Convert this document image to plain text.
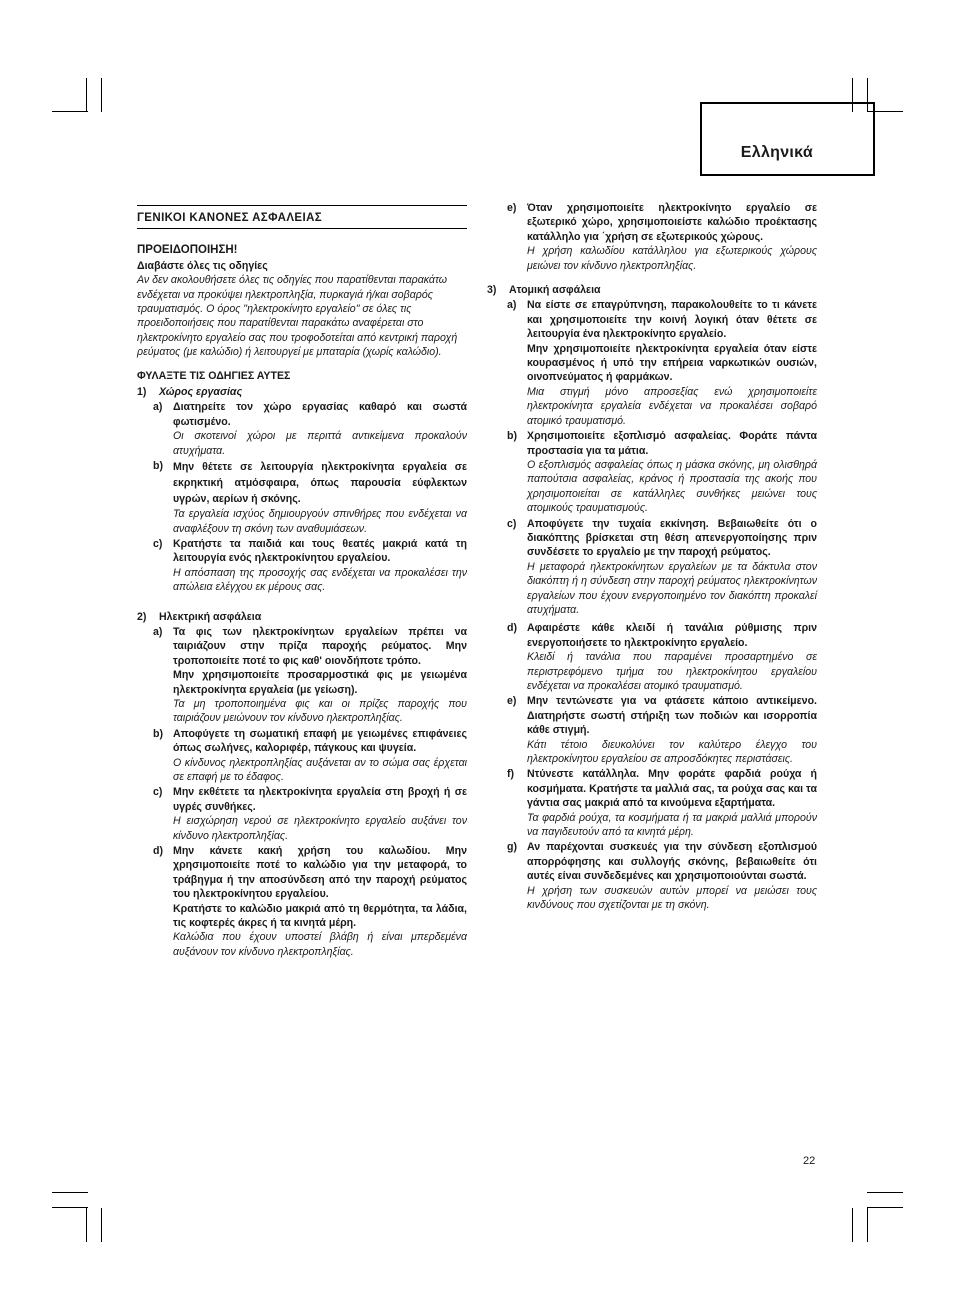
Ελληνικά
ΓΕΝΙΚΟΙ ΚΑΝΟΝΕΣ ΑΣΦΑΛΕΙΑΣ
ΠΡΟΕΙΔΟΠΟΙΗΣΗ!
Διαβάστε όλες τις οδηγίες

Αν δεν ακολουθήσετε όλες τις οδηγίες που παρατίθενται παρακάτω ενδέχεται να προκύψει ηλεκτροπληξία, πυρκαγιά ή/και σοβαρός τραυματισμός. Ο όρος "ηλεκτροκίνητο εργαλείο" σε όλες τις προειδοποιήσεις που παρατίθενται παρακάτω αναφέρεται στο ηλεκτροκίνητο εργαλείο σας που τροφοδοτείται από κεντρική παροχή ρεύματος (με καλώδιο) ή λειτουργεί με μπαταρία (χωρίς καλώδιο).

ΦΥΛΑΞΤΕ ΤΙΣ ΟΔΗΓΙΕΣ ΑΥΤΕΣ
1)	Χώρος εργασίας
a) Διατηρείτε τον χώρο εργασίας καθαρό και σωστά φωτισμένο.
Οι σκοτεινοί χώροι με περιττά αντικείμενα προκαλούν ατυχήματα.
b) Μην θέτετε σε λειτουργία ηλεκτροκίνητα εργαλεία σε εκρηκτική ατμόσφαιρα, όπως παρουσία εύφλεκτων υγρών, αερίων ή σκόνης.
Τα εργαλεία ισχύος δημιουργούν σπινθήρες που ενδέχεται να αναφλέξουν τη σκόνη των αναθυμιάσεων.
c) Κρατήστε τα παιδιά και τους θεατές μακριά κατά τη λειτουργία ενός ηλεκτροκίνητου εργαλείου.
Η απόσπαση της προσοχής σας ενδέχεται να προκαλέσει την απώλεια ελέγχου εκ μέρους σας.
2)	Ηλεκτρική ασφάλεια
a) Τα φις των ηλεκτροκίνητων εργαλείων πρέπει να ταιριάζουν στην πρίζα παροχής ρεύματος. Μην τροποποιείτε ποτέ το φις καθ' οιονδήποτε τρόπο.
Μην χρησιμοποιείτε προσαρμοστικά φις με γειωμένα ηλεκτροκίνητα εργαλεία (με γείωση).
Τα μη τροποποιημένα φις και οι πρίζες παροχής που ταιριάζουν μειώνουν τον κίνδυνο ηλεκτροπληξίας.
b) Αποφύγετε τη σωματική επαφή με γειωμένες επιφάνειες όπως σωλήνες, καλοριφέρ, πάγκους και ψυγεία.
Ο κίνδυνος ηλεκτροπληξίας αυξάνεται αν το σώμα σας έρχεται σε επαφή με το έδαφος.
c) Μην εκθέτετε τα ηλεκτροκίνητα εργαλεία στη βροχή ή σε υγρές συνθήκες.
Η εισχώρηση νερού σε ηλεκτροκίνητο εργαλείο αυξάνει τον κίνδυνο ηλεκτροπληξίας.
d) Μην κάνετε κακή χρήση του καλωδίου. Μην χρησιμοποιείτε ποτέ το καλώδιο για την μεταφορά, το τράβηγμα ή την αποσύνδεση από την παροχή ρεύματος του ηλεκτροκίνητου εργαλείου.
Κρατήστε το καλώδιο μακριά από τη θερμότητα, τα λάδια, τις κοφτερές άκρες ή τα κινητά μέρη.
Καλώδια που έχουν υποστεί βλάβη ή είναι μπερδεμένα αυξάνουν τον κίνδυνο ηλεκτροπληξίας.
e) Όταν χρησιμοποιείτε ηλεκτροκίνητο εργαλείο σε εξωτερικό χώρο, χρησιμοποιείστε καλώδιο προέκτασης κατάλληλο για ΄χρήση σε εξωτερικούς χώρους.
Η χρήση καλωδίου κατάλληλου για εξωτερικούς χώρους μειώνει τον κίνδυνο ηλεκτροπληξίας.
3)	Ατομική ασφάλεια
a) Να είστε σε επαγρύπνηση, παρακολουθείτε το τι κάνετε και χρησιμοποιείτε την κοινή λογική όταν θέτετε σε λειτουργία ένα ηλεκτροκίνητο εργαλείο.
Μην χρησιμοποιείτε ηλεκτροκίνητα εργαλεία όταν είστε κουρασμένος ή υπό την επήρεια ναρκωτικών ουσιών, οινοπνεύματος ή φαρμάκων.
Μια στιγμή μόνο απροσεξίας ενώ χρησιμοποιείτε ηλεκτροκίνητα εργαλεία ενδέχεται να προκαλέσει σοβαρό ατομικό τραυματισμό.
b) Χρησιμοποιείτε εξοπλισμό ασφαλείας. Φοράτε πάντα προστασία για τα μάτια.
Ο εξοπλισμός ασφαλείας όπως η μάσκα σκόνης, μη ολισθηρά παπούτσια ασφαλείας, κράνος ή προστασία της ακοής που χρησιμοποιείται σε κατάλληλες συνθήκες μειώνει τους ατομικούς τραυματισμούς.
c) Αποφύγετε την τυχαία εκκίνηση. Βεβαιωθείτε ότι ο διακόπτης βρίσκεται στη θέση απενεργοποίησης πριν συνδέσετε το εργαλείο με την παροχή ρεύματος.
Η μεταφορά ηλεκτροκίνητων εργαλείων με τα δάκτυλα στον διακόπτη ή η σύνδεση στην παροχή ρεύματος ηλεκτροκίνητων εργαλείων που έχουν ενεργοποιημένο τον διακόπτη προκαλεί ατυχήματα.
d) Αφαιρέστε κάθε κλειδί ή τανάλια ρύθμισης πριν ενεργοποιήσετε το ηλεκτροκίνητο εργαλείο.
Κλειδί ή τανάλια που παραμένει προσαρτημένο σε περιστρεφόμενο τμήμα του ηλεκτροκίνητου εργαλείου ενδέχεται να προκαλέσει ατομικό τραυματισμό.
e) Μην τεντώνεστε για να φτάσετε κάποιο αντικείμενο. Διατηρήστε σωστή στήριξη των ποδιών και ισορροπία κάθε στιγμή.
Κάτι τέτοιο διευκολύνει τον καλύτερο έλεγχο του ηλεκτροκίνητου εργαλείου σε απροσδόκητες περιστάσεις.
f)	Ντύνεστε κατάλληλα. Μην φοράτε φαρδιά ρούχα ή κοσμήματα. Κρατήστε τα μαλλιά σας, τα ρούχα σας και τα γάντια σας μακριά από τα κινούμενα εξαρτήματα.
Τα φαρδιά ρούχα, τα κοσμήματα ή τα μακριά μαλλιά μπορούν να παγιδευτούν από τα κινητά μέρη.
g) Αν παρέχονται συσκευές για την σύνδεση εξοπλισμού απορρόφησης και συλλογής σκόνης, βεβαιωθείτε ότι αυτές είναι συνδεδεμένες και χρησιμοποιούνται σωστά.
Η χρήση των συσκευών αυτών μπορεί να μειώσει τους κινδύνους που σχετίζονται με τη σκόνη.
22
